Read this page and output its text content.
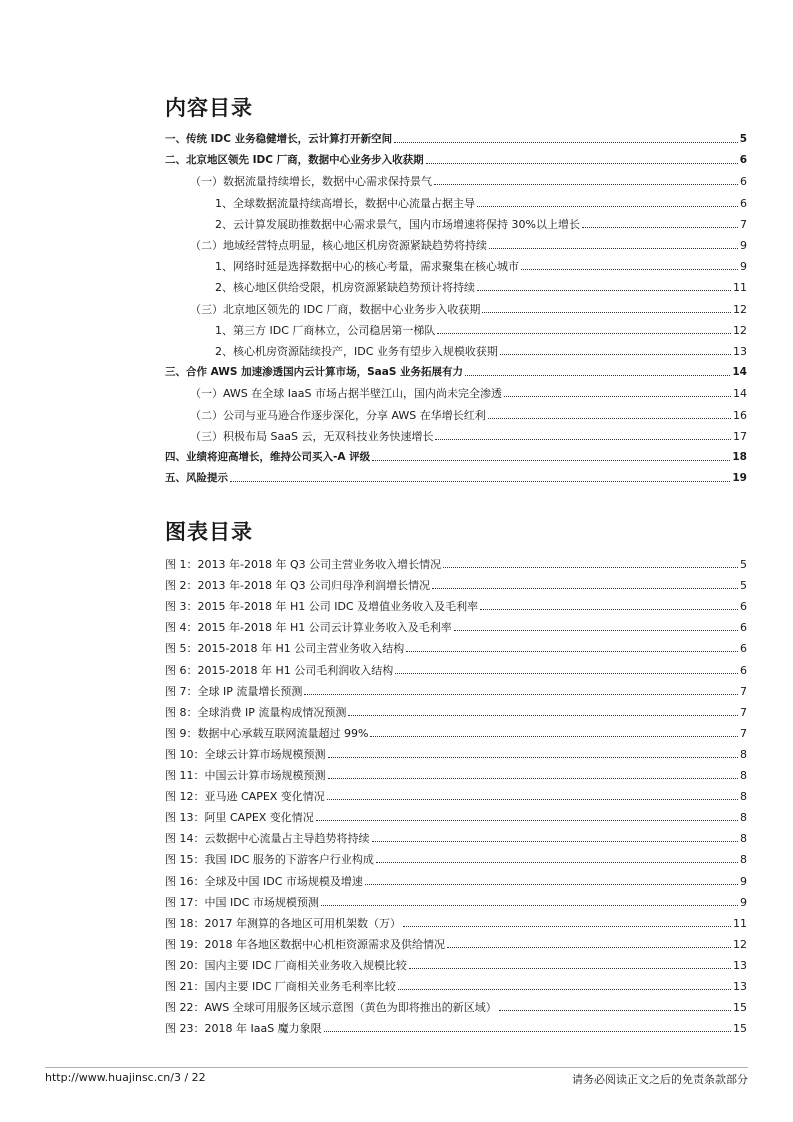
内容目录
一、传统 IDC 业务稳健增长，云计算打开新空间	5
二、北京地区领先 IDC 厂商，数据中心业务步入收获期	6
（一）数据流量持续增长，数据中心需求保持景气	6
1、全球数据流量持续高增长，数据中心流量占据主导	6
2、云计算发展助推数据中心需求景气，国内市场增速将保持 30%以上增长	7
（二）地域经营特点明显，核心地区机房资源紧缺趋势将持续	9
1、网络时延是选择数据中心的核心考量，需求聚集在核心城市	9
2、核心地区供给受限，机房资源紧缺趋势预计将持续	11
（三）北京地区领先的 IDC 厂商，数据中心业务步入收获期	12
1、第三方 IDC 厂商林立，公司稳居第一梯队	12
2、核心机房资源陆续投产，IDC 业务有望步入规模收获期	13
三、合作 AWS 加速渗透国内云计算市场，SaaS 业务拓展有力	14
（一）AWS 在全球 IaaS 市场占据半壁江山，国内尚未完全渗透	14
（二）公司与亚马逊合作逐步深化，分享 AWS 在华增长红利	16
（三）积极布局 SaaS 云，无双科技业务快速增长	17
四、业绩将迎高增长，维持公司买入-A 评级	18
五、风险提示	19
图表目录
图 1：2013 年-2018 年 Q3 公司主营业务收入增长情况	5
图 2：2013 年-2018 年 Q3 公司归母净利润增长情况	5
图 3：2015 年-2018 年 H1 公司 IDC 及增值业务收入及毛利率	6
图 4：2015 年-2018 年 H1 公司云计算业务收入及毛利率	6
图 5：2015-2018 年 H1 公司主营业务收入结构	6
图 6：2015-2018 年 H1 公司毛利润收入结构	6
图 7：全球 IP 流量增长预测	7
图 8：全球消费 IP 流量构成情况预测	7
图 9：数据中心承载互联网流量超过 99%	7
图 10：全球云计算市场规模预测	8
图 11：中国云计算市场规模预测	8
图 12：亚马逊 CAPEX 变化情况	8
图 13：阿里 CAPEX 变化情况	8
图 14：云数据中心流量占主导趋势将持续	8
图 15：我国 IDC 服务的下游客户行业构成	8
图 16：全球及中国 IDC 市场规模及增速	9
图 17：中国 IDC 市场规模预测	9
图 18：2017 年测算的各地区可用机架数（万）	11
图 19：2018 年各地区数据中心机柜资源需求及供给情况	12
图 20：国内主要 IDC 厂商相关业务收入规模比较	13
图 21：国内主要 IDC 厂商相关业务毛利率比较	13
图 22：AWS 全球可用服务区域示意图（黄色为即将推出的新区域）	15
图 23：2018 年 IaaS 魔力象限	15
http://www.huajinsc.cn/3 / 22	请务必阅读正文之后的免责条款部分
